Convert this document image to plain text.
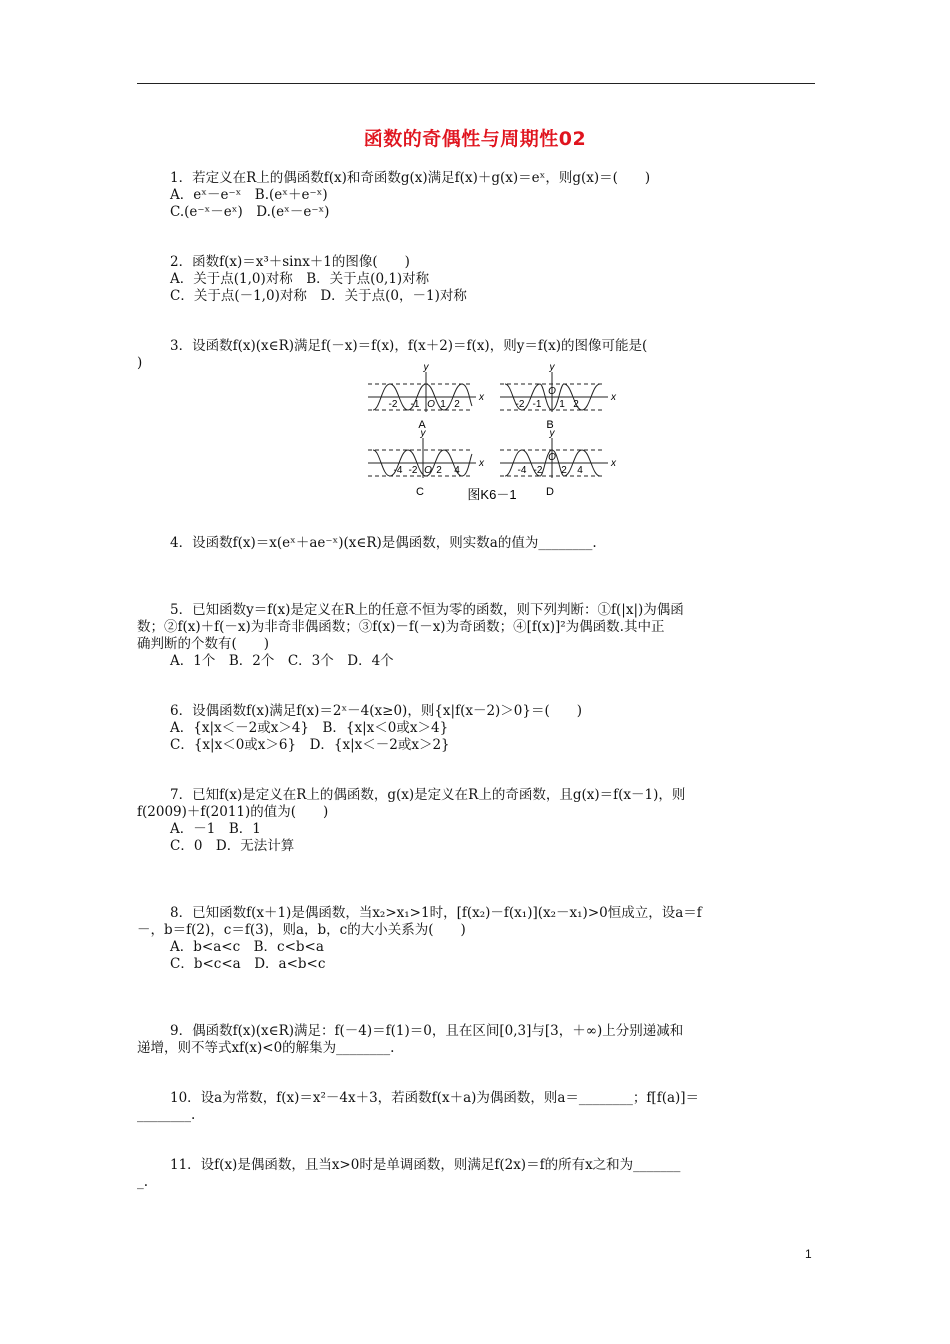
函数的奇偶性与周期性02
1．若定义在R上的偶函数f(x)和奇函数g(x)满足f(x)＋g(x)＝eˣ，则g(x)＝(　　)
A．eˣ－e⁻ˣ　B.(eˣ＋e⁻ˣ)
C.(e⁻ˣ－eˣ)　D.(eˣ－e⁻ˣ)
2．函数f(x)＝x³＋sinx＋1的图像(　　)
A．关于点(1,0)对称　B．关于点(0,1)对称
C．关于点(－1,0)对称　D．关于点(0，－1)对称
3．设函数f(x)(x∈R)满足f(－x)＝f(x)，f(x＋2)＝f(x)，则y＝f(x)的图像可能是(
)	y
x
-2 -1 O 1 2
A
y
x
-2 -1
O
1 2
B
y
x
-4 -2 O 2 4
C
y
x
-4 -2
O
2 4
D
图K6－1
4．设函数f(x)＝x(eˣ＋ae⁻ˣ)(x∈R)是偶函数，则实数a的值为________.
5．已知函数y＝f(x)是定义在R上的任意不恒为零的函数，则下列判断：①f(|x|)为偶函
数；②f(x)＋f(－x)为非奇非偶函数；③f(x)－f(－x)为奇函数；④[f(x)]²为偶函数.其中正
确判断的个数有(　　)
A．1个　B．2个　C．3个　D．4个
6．设偶函数f(x)满足f(x)＝2ˣ－4(x≥0)，则{x|f(x－2)＞0}＝(　　)
A．{x|x＜－2或x＞4}　B．{x|x＜0或x＞4}
C．{x|x＜0或x＞6}　D．{x|x＜－2或x＞2}
7．已知f(x)是定义在R上的偶函数，g(x)是定义在R上的奇函数，且g(x)＝f(x－1)，则
f(2009)＋f(2011)的值为(　　)
A．－1　B．1
C．0　D．无法计算
8．已知函数f(x＋1)是偶函数，当x₂>x₁>1时，[f(x₂)－f(x₁)](x₂－x₁)>0恒成立，设a＝f
－，b＝f(2)，c＝f(3)，则a，b，c的大小关系为(　　)
A．b<a<c　B．c<b<a
C．b<c<a　D．a<b<c
9．偶函数f(x)(x∈R)满足：f(－4)＝f(1)＝0，且在区间[0,3]与[3，＋∞)上分别递减和
递增，则不等式xf(x)<0的解集为________.
10．设a为常数，f(x)＝x²－4x＋3，若函数f(x＋a)为偶函数，则a＝________；f[f(a)]＝
________.
11．设f(x)是偶函数，且当x>0时是单调函数，则满足f(2x)＝f的所有x之和为_______
_.
1
